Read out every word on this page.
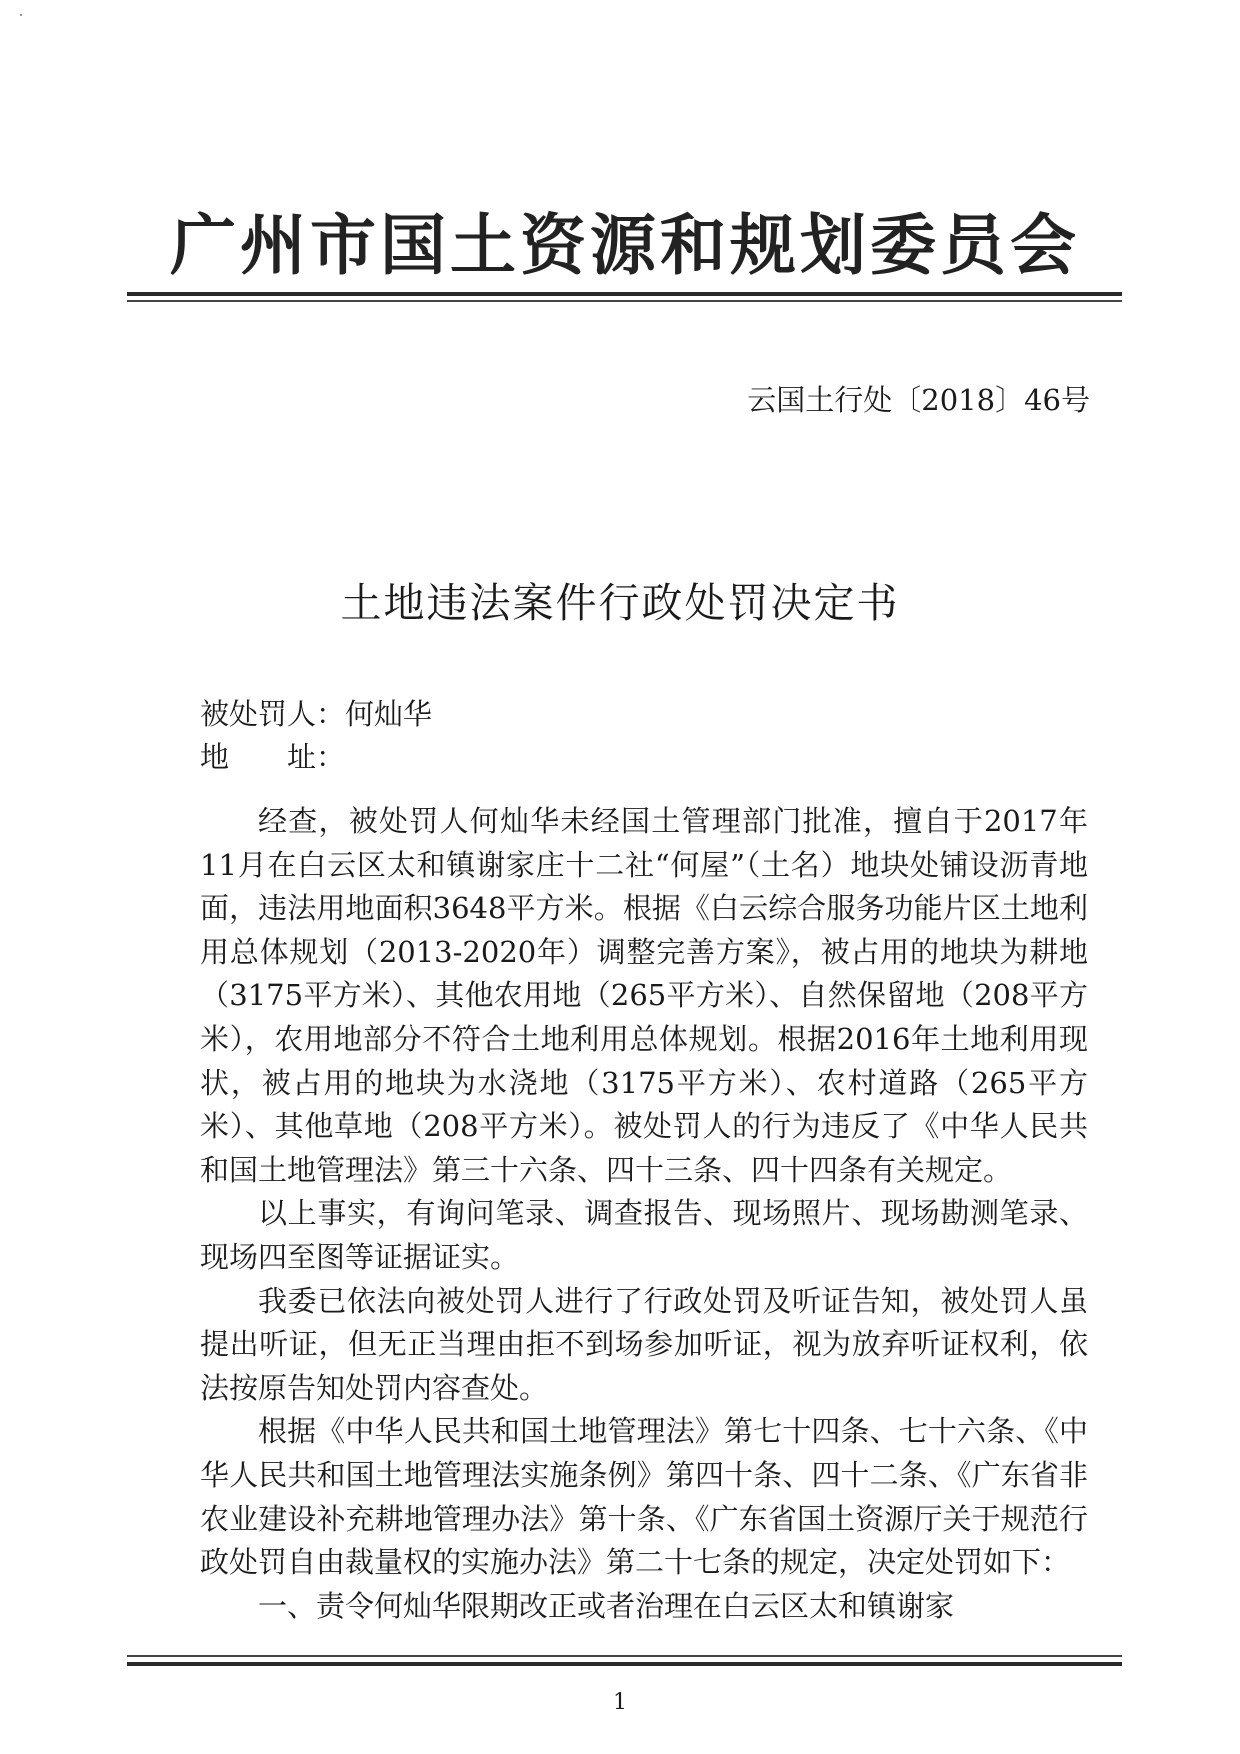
广州市国土资源和规划委员会
云国土行处〔2018〕46号
土地违法案件行政处罚决定书
被处罚人：何灿华
地　　址：

经查，被处罚人何灿华未经国土管理部门批准，擅自于2017年11月在白云区太和镇谢家庄十二社“何屋”（土名）地块处铺设沥青地面，违法用地面积3648平方米。根据《白云综合服务功能片区土地利用总体规划（2013-2020年）调整完善方案》，被占用的地块为耕地（3175平方米）、其他农用地（265平方米）、自然保留地（208平方米），农用地部分不符合土地利用总体规划。根据2016年土地利用现状，被占用的地块为水浇地（3175平方米）、农村道路（265平方米）、其他草地（208平方米）。被处罚人的行为违反了《中华人民共和国土地管理法》第三十六条、四十三条、四十四条有关规定。

以上事实，有询问笔录、调查报告、现场照片、现场勘测笔录、现场四至图等证据证实。

我委已依法向被处罚人进行了行政处罚及听证告知，被处罚人虽提出听证，但无正当理由拒不到场参加听证，视为放弃听证权利，依法按原告知处罚内容查处。

根据《中华人民共和国土地管理法》第七十四条、七十六条、《中华人民共和国土地管理法实施条例》第四十条、四十二条、《广东省非农业建设补充耕地管理办法》第十条、《广东省国土资源厅关于规范行政处罚自由裁量权的实施办法》第二十七条的规定，决定处罚如下：

一、责令何灿华限期改正或者治理在白云区太和镇谢家

1
